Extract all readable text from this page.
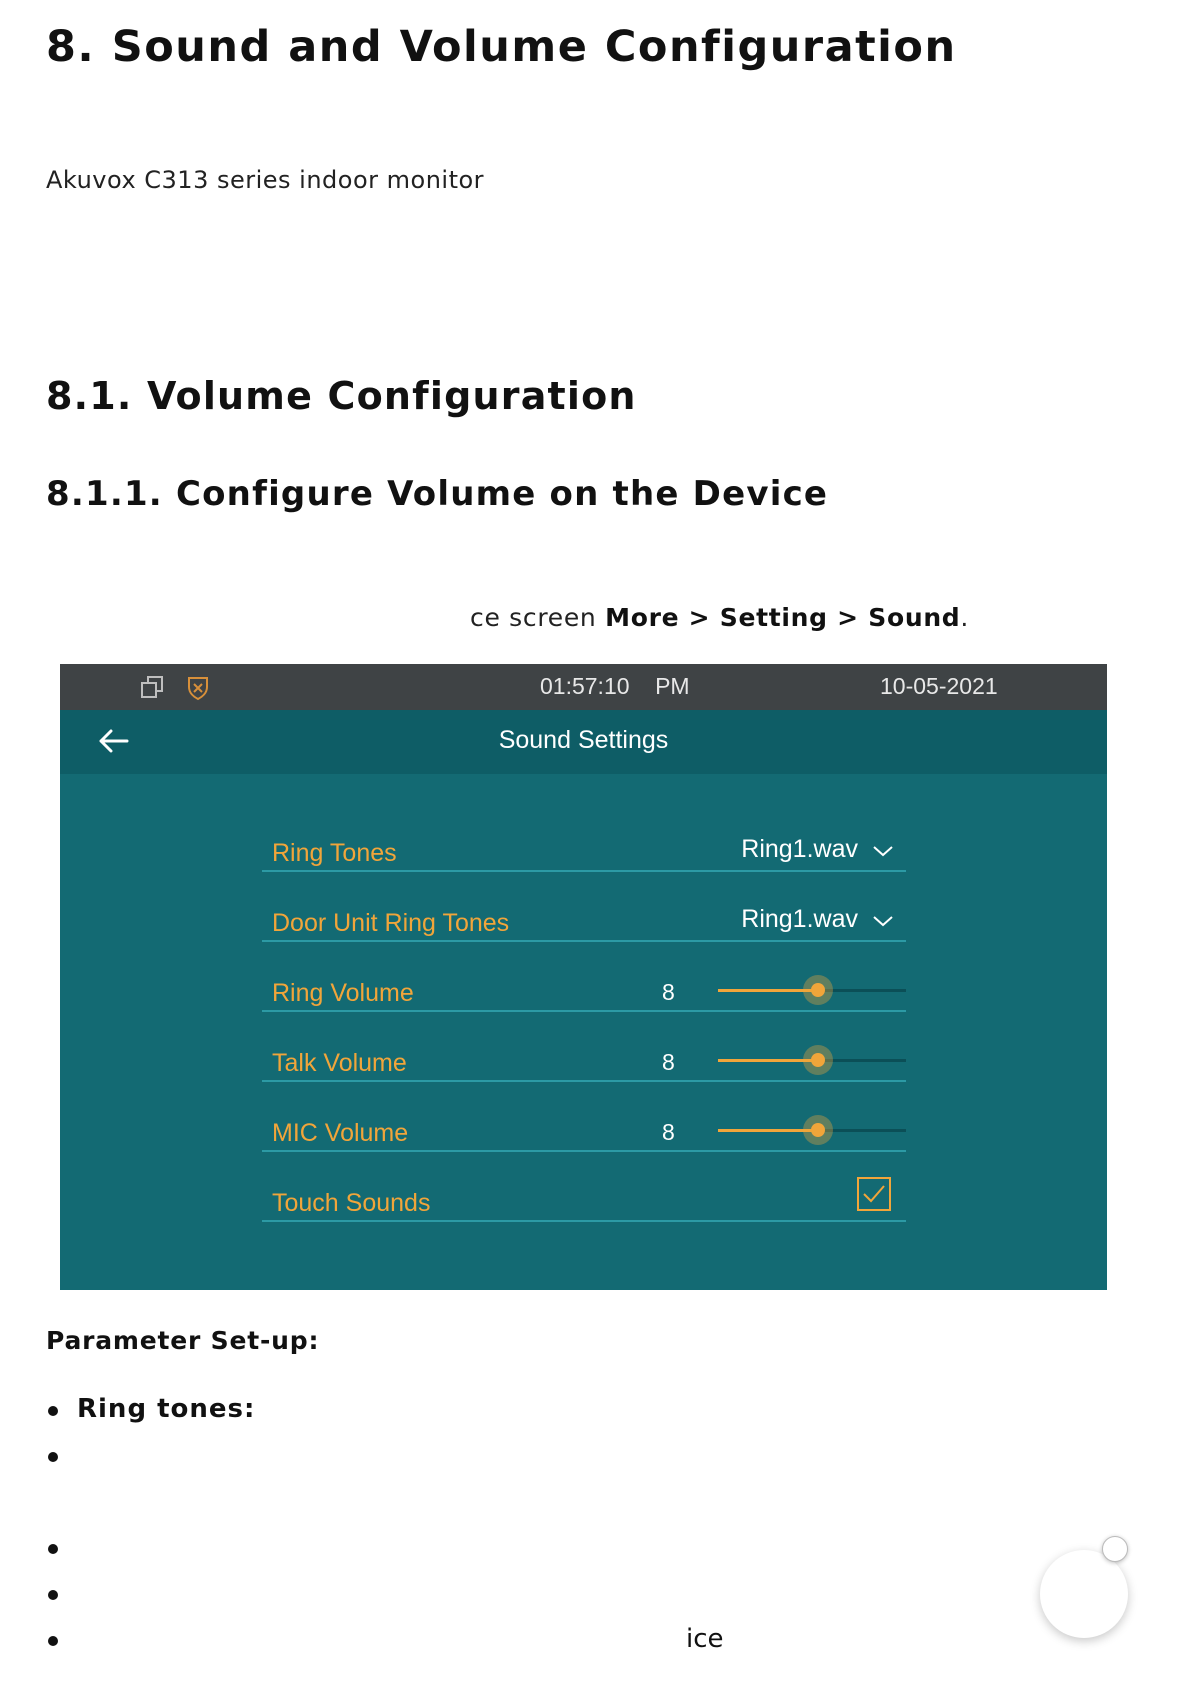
8. Sound and Volume Configuration
Akuvox C313 series indoor monitor
8.1. Volume Configuration
8.1.1. Configure Volume on the Device
ce screen More > Setting > Sound.
01:57:10 PM	10-05-2021
Sound Settings
Ring Tones	Ring1.wav
Door Unit Ring Tones	Ring1.wav
Ring Volume	8
Talk Volume	8
MIC Volume	8
Touch Sounds
Parameter Set-up:
Ring tones:
ice
